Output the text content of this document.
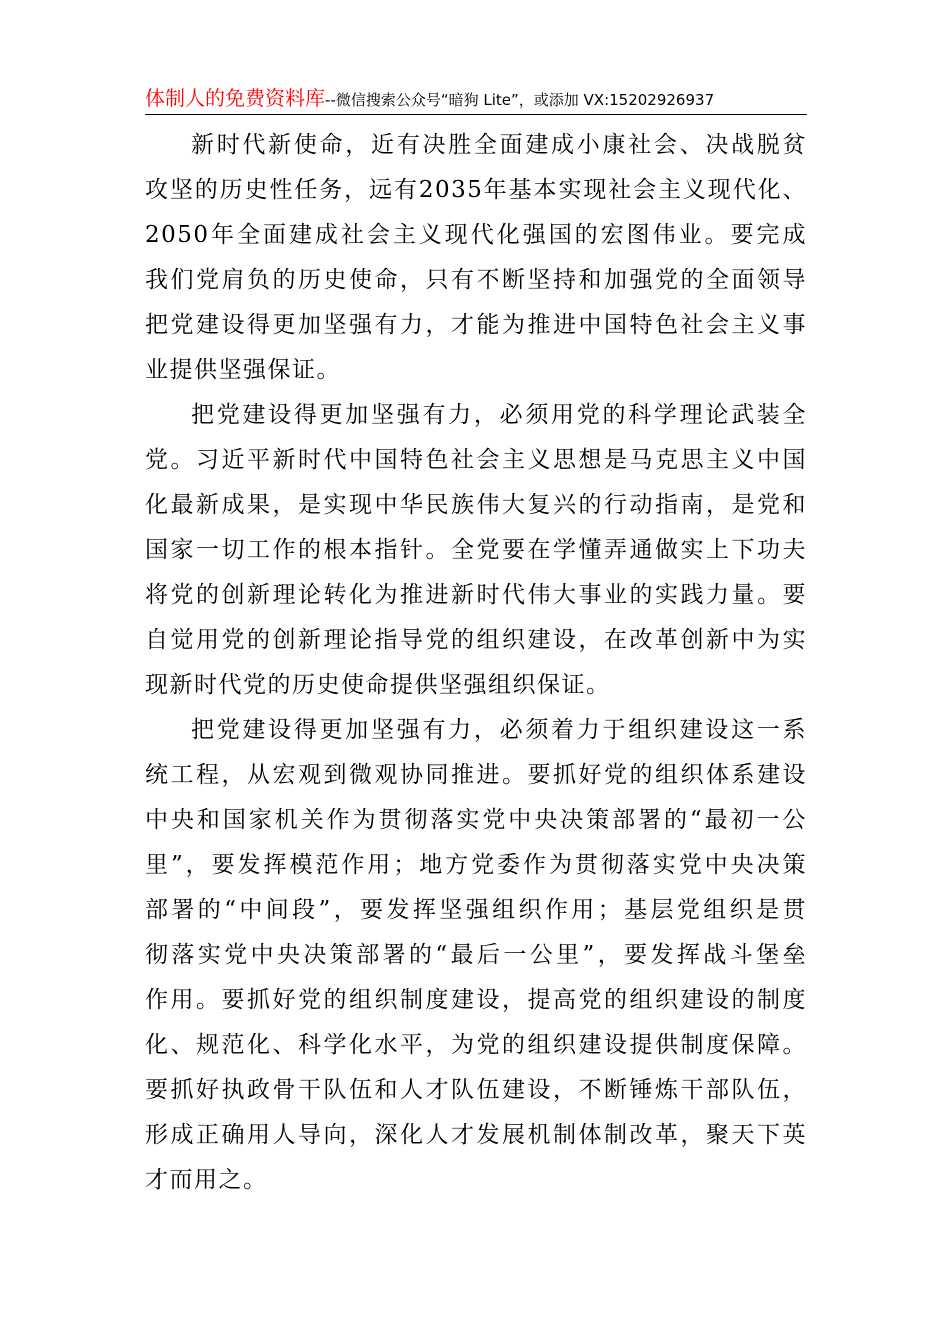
体制人的免费资料库--微信搜索公众号“暗狗 Lite”，或添加 VX:15202926937
新时代新使命，近有决胜全面建成小康社会、决战脱贫
攻坚的历史性任务，远有2035年基本实现社会主义现代化、
2050年全面建成社会主义现代化强国的宏图伟业。要完成
我们党肩负的历史使命，只有不断坚持和加强党的全面领导
把党建设得更加坚强有力，才能为推进中国特色社会主义事
业提供坚强保证。
把党建设得更加坚强有力，必须用党的科学理论武装全
党。习近平新时代中国特色社会主义思想是马克思主义中国
化最新成果，是实现中华民族伟大复兴的行动指南，是党和
国家一切工作的根本指针。全党要在学懂弄通做实上下功夫
将党的创新理论转化为推进新时代伟大事业的实践力量。要
自觉用党的创新理论指导党的组织建设，在改革创新中为实
现新时代党的历史使命提供坚强组织保证。
把党建设得更加坚强有力，必须着力于组织建设这一系
统工程，从宏观到微观协同推进。要抓好党的组织体系建设
中央和国家机关作为贯彻落实党中央决策部署的“最初一公
里”，要发挥模范作用；地方党委作为贯彻落实党中央决策
部署的“中间段”，要发挥坚强组织作用；基层党组织是贯
彻落实党中央决策部署的“最后一公里”，要发挥战斗堡垒
作用。要抓好党的组织制度建设，提高党的组织建设的制度
化、规范化、科学化水平，为党的组织建设提供制度保障。
要抓好执政骨干队伍和人才队伍建设，不断锤炼干部队伍，
形成正确用人导向，深化人才发展机制体制改革，聚天下英
才而用之。
